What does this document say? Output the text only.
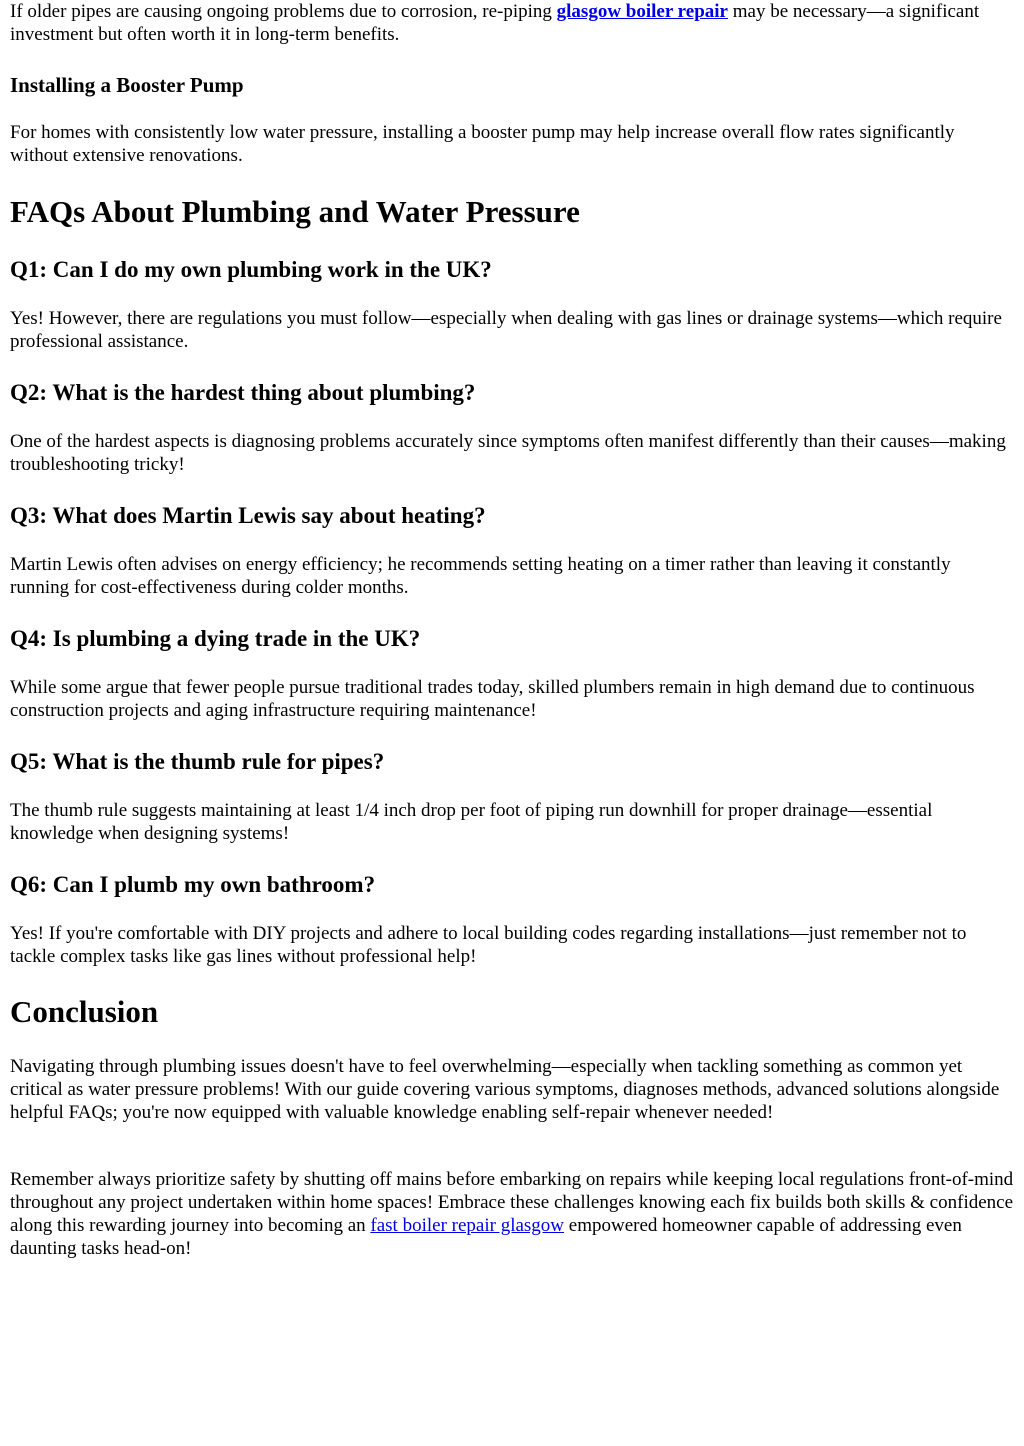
If older pipes are causing ongoing problems due to corrosion, re-piping glasgow boiler repair may be necessary—a significant investment but often worth it in long-term benefits.

Installing a Booster Pump

For homes with consistently low water pressure, installing a booster pump may help increase overall flow rates significantly without extensive renovations.

FAQs About Plumbing and Water Pressure
Q1: Can I do my own plumbing work in the UK?

Yes! However, there are regulations you must follow—especially when dealing with gas lines or drainage systems—which require professional assistance.

Q2: What is the hardest thing about plumbing?

One of the hardest aspects is diagnosing problems accurately since symptoms often manifest differently than their causes—making troubleshooting tricky!

Q3: What does Martin Lewis say about heating?

Martin Lewis often advises on energy efficiency; he recommends setting heating on a timer rather than leaving it constantly running for cost-effectiveness during colder months.

Q4: Is plumbing a dying trade in the UK?

While some argue that fewer people pursue traditional trades today, skilled plumbers remain in high demand due to continuous construction projects and aging infrastructure requiring maintenance!

Q5: What is the thumb rule for pipes?

The thumb rule suggests maintaining at least 1/4 inch drop per foot of piping run downhill for proper drainage—essential knowledge when designing systems!

Q6: Can I plumb my own bathroom?

Yes! If you're comfortable with DIY projects and adhere to local building codes regarding installations—just remember not to tackle complex tasks like gas lines without professional help!

Conclusion

Navigating through plumbing issues doesn't have to feel overwhelming—especially when tackling something as common yet critical as water pressure problems! With our guide covering various symptoms, diagnoses methods, advanced solutions alongside helpful FAQs; you're now equipped with valuable knowledge enabling self-repair whenever needed!

Remember always prioritize safety by shutting off mains before embarking on repairs while keeping local regulations front-of-mind throughout any project undertaken within home spaces! Embrace these challenges knowing each fix builds both skills & confidence along this rewarding journey into becoming an fast boiler repair glasgow empowered homeowner capable of addressing even daunting tasks head-on!
